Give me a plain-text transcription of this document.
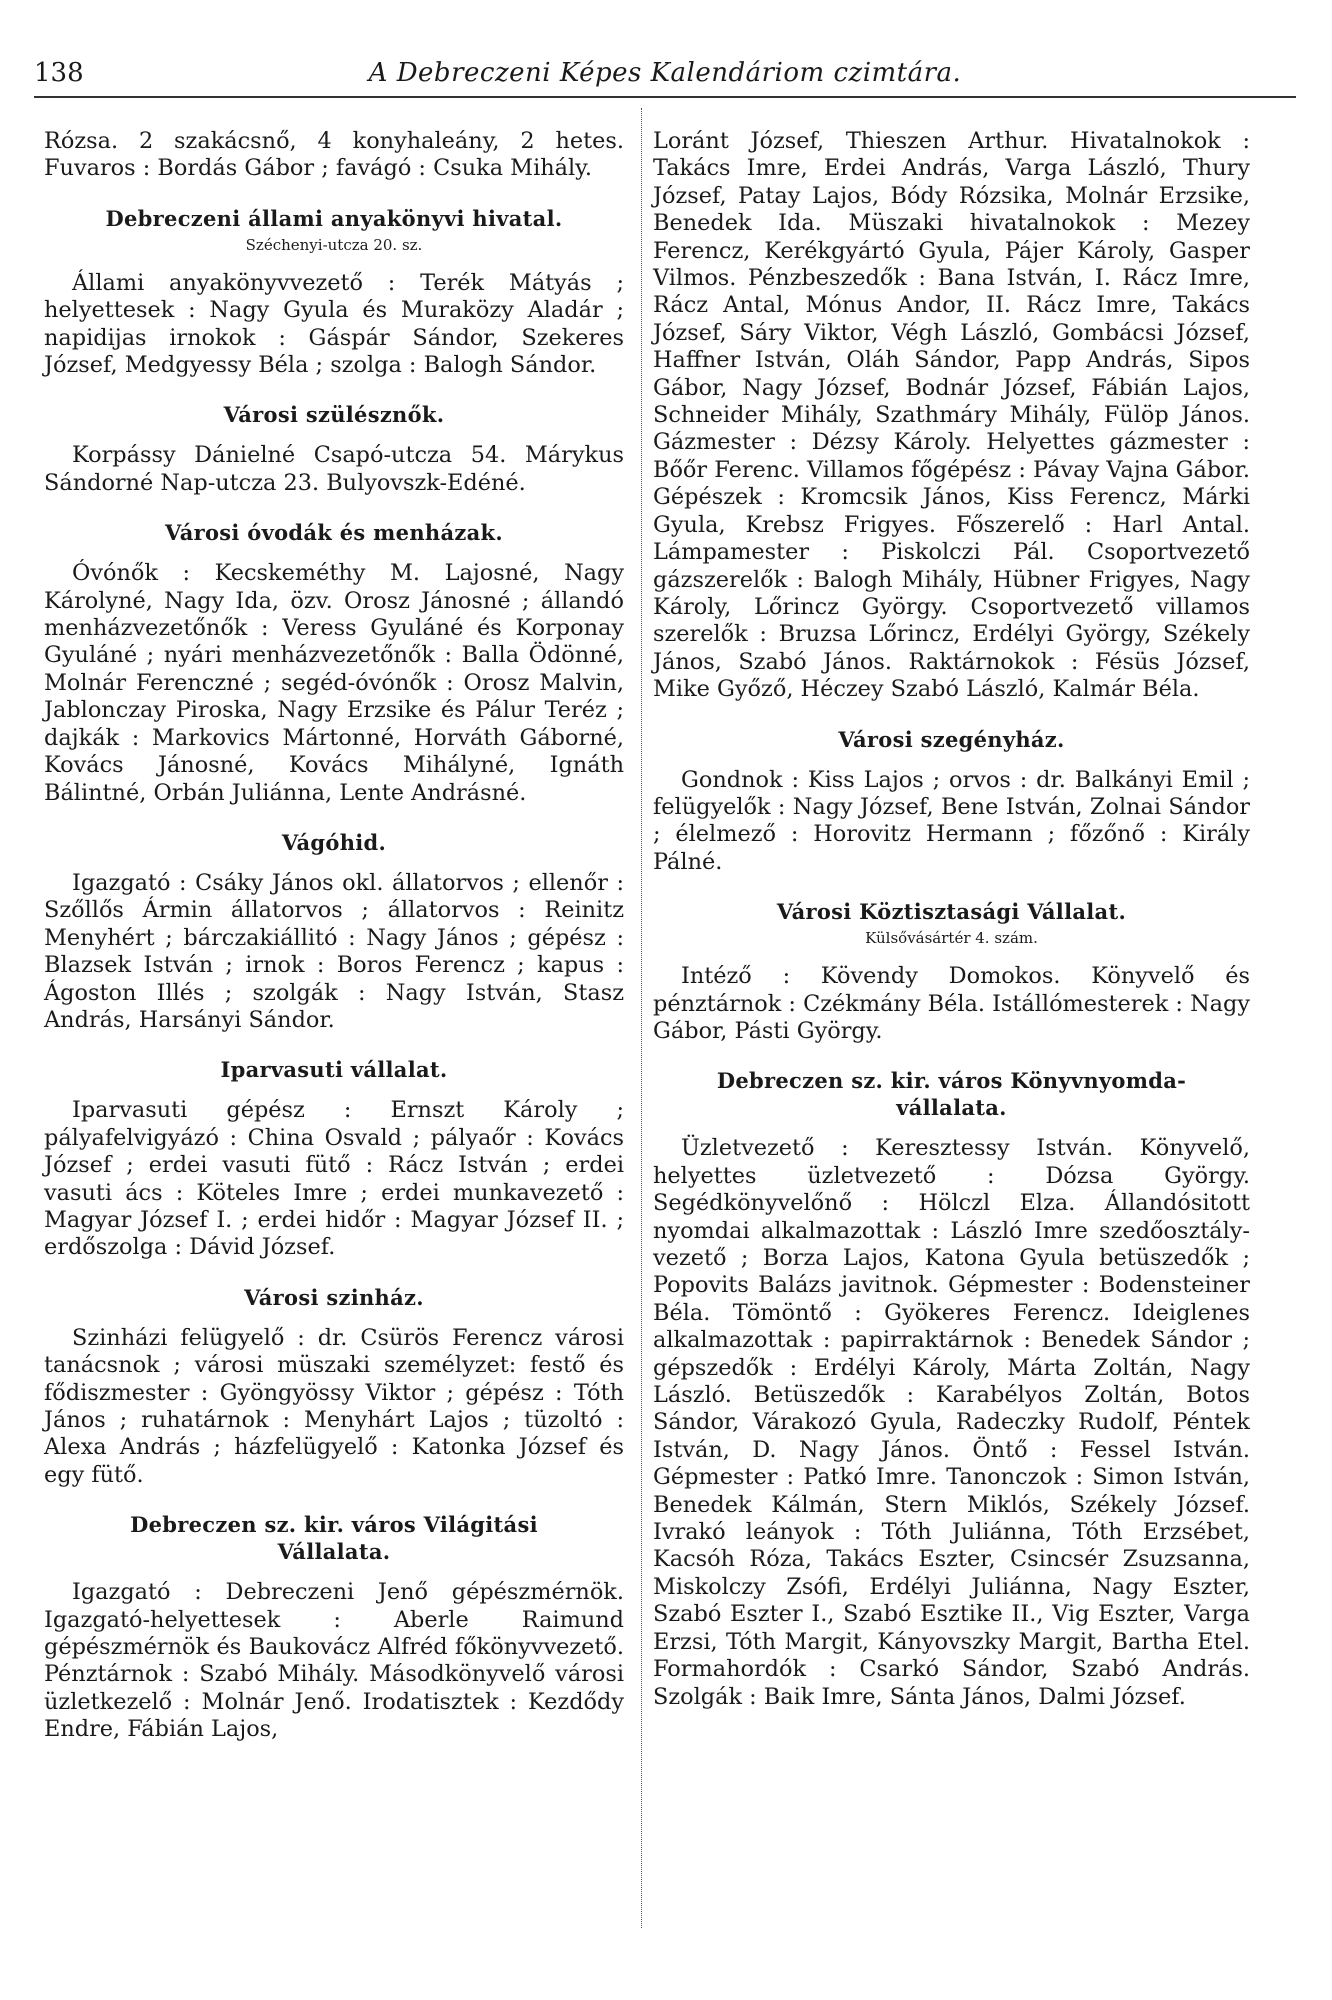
138	A Debreczeni Képes Kalendáriom czimtára.

Rózsa. 2 szakácsnő, 4 konyhaleány, 2 hetes. Fuvaros : Bordás Gábor ; favágó : Csuka Mihály.

Debreczeni állami anyakönyvi hivatal.
Széchenyi-utcza 20. sz.

Állami anyakönyvvezető : Terék Mátyás ; helyettesek : Nagy Gyula és Muraközy Aladár ; napidijas irnokok : Gáspár Sándor, Szekeres József, Medgyessy Béla ; szolga : Balogh Sándor.

Városi szülésznők.

Korpássy Dánielné Csapó-utcza 54. Márykus Sándorné Nap-utcza 23. Bulyovszk-Edéné.

Városi óvodák és menházak.

Óvónők : Kecskeméthy M. Lajosné, Nagy Károlyné, Nagy Ida, özv. Orosz Jánosné ; állandó menházvezetőnők : Veress Gyuláné és Korponay Gyuláné ; nyári menházvezetőnők : Balla Ödönné, Molnár Ferenczné ; segéd-óvónők : Orosz Malvin, Jablonczay Piroska, Nagy Erzsike és Pálur Teréz ; dajkák : Markovics Mártonné, Horváth Gáborné, Kovács Jánosné, Kovács Mihályné, Ignáth Bálintné, Orbán Juliánna, Lente Andrásné.

Vágóhid.

Igazgató : Csáky János okl. állatorvos ; ellenőr : Szőllős Ármin állatorvos ; állatorvos : Reinitz Menyhért ; bárczakiállitó : Nagy János ; gépész : Blazsek István ; irnok : Boros Ferencz ; kapus : Ágoston Illés ; szolgák : Nagy István, Stasz András, Harsányi Sándor.

Iparvasuti vállalat.

Iparvasuti gépész : Ernszt Károly ; pályafelvigyázó : China Osvald ; pályaőr : Kovács József ; erdei vasuti fütő : Rácz István ; erdei vasuti ács : Köteles Imre ; erdei munkavezető : Magyar József I. ; erdei hidőr : Magyar József II. ; erdőszolga : Dávid József.

Városi szinház.

Szinházi felügyelő : dr. Csürös Ferencz városi tanácsnok ; városi müszaki személyzet: festő és fődiszmester : Gyöngyössy Viktor ; gépész : Tóth János ; ruhatárnok : Menyhárt Lajos ; tüzoltó : Alexa András ; házfelügyelő : Katonka József és egy fütő.

Debreczen sz. kir. város Világitási
Vállalata.

Igazgató : Debreczeni Jenő gépészmérnök. Igazgató-helyettesek : Aberle Raimund gépészmérnök és Baukovácz Alfréd főkönyvvezető. Pénztárnok : Szabó Mihály. Másodkönyvelő városi üzletkezelő : Molnár Jenő. Irodatisztek : Kezdődy Endre, Fábián Lajos,

Loránt József, Thieszen Arthur. Hivatalnokok : Takács Imre, Erdei András, Varga László, Thury József, Patay Lajos, Bódy Rózsika, Molnár Erzsike, Benedek Ida. Müszaki hivatalnokok : Mezey Ferencz, Kerékgyártó Gyula, Pájer Károly, Gasper Vilmos. Pénzbeszedők : Bana István, I. Rácz Imre, Rácz Antal, Mónus Andor, II. Rácz Imre, Takács József, Sáry Viktor, Végh László, Gombácsi József, Haffner István, Oláh Sándor, Papp András, Sipos Gábor, Nagy József, Bodnár József, Fábián Lajos, Schneider Mihály, Szathmáry Mihály, Fülöp János. Gázmester : Dézsy Károly. Helyettes gázmester : Bőőr Ferenc. Villamos főgépész : Pávay Vajna Gábor. Gépészek : Kromcsik János, Kiss Ferencz, Márki Gyula, Krebsz Frigyes. Főszerelő : Harl Antal. Lámpamester : Piskolczi Pál. Csoportvezető gázszerelők : Balogh Mihály, Hübner Frigyes, Nagy Károly, Lőrincz György. Csoportvezető villamos szerelők : Bruzsa Lőrincz, Erdélyi György, Székely János, Szabó János. Raktárnokok : Fésüs József, Mike Győző, Héczey Szabó László, Kalmár Béla.

Városi szegényház.

Gondnok : Kiss Lajos ; orvos : dr. Balkányi Emil ; felügyelők : Nagy József, Bene István, Zolnai Sándor ; élelmező : Horovitz Hermann ; főzőnő : Király Pálné.

Városi Köztisztasági Vállalat.
Külsővásártér 4. szám.

Intéző : Kövendy Domokos. Könyvelő és pénztárnok : Czékmány Béla. Istállómesterek : Nagy Gábor, Pásti György.

Debreczen sz. kir. város Könyvnyomda-
vállalata.

Üzletvezető : Keresztessy István. Könyvelő, helyettes üzletvezető : Dózsa György. Segédkönyvelőnő : Hölczl Elza. Állandósitott nyomdai alkalmazottak : László Imre szedőosztály-vezető ; Borza Lajos, Katona Gyula betüszedők ; Popovits Balázs javitnok. Gépmester : Bodensteiner Béla. Tömöntő : Gyökeres Ferencz. Ideiglenes alkalmazottak : papirraktárnok : Benedek Sándor ; gépszedők : Erdélyi Károly, Márta Zoltán, Nagy László. Betüszedők : Karabélyos Zoltán, Botos Sándor, Várakozó Gyula, Radeczky Rudolf, Péntek István, D. Nagy János. Öntő : Fessel István. Gépmester : Patkó Imre. Tanonczok : Simon István, Benedek Kálmán, Stern Miklós, Székely József. Ivrakó leányok : Tóth Juliánna, Tóth Erzsébet, Kacsóh Róza, Takács Eszter, Csincsér Zsuzsanna, Miskolczy Zsófi, Erdélyi Juliánna, Nagy Eszter, Szabó Eszter I., Szabó Esztike II., Vig Eszter, Varga Erzsi, Tóth Margit, Kányovszky Margit, Bartha Etel. Formahordók : Csarkó Sándor, Szabó András. Szolgák : Baik Imre, Sánta János, Dalmi József.
